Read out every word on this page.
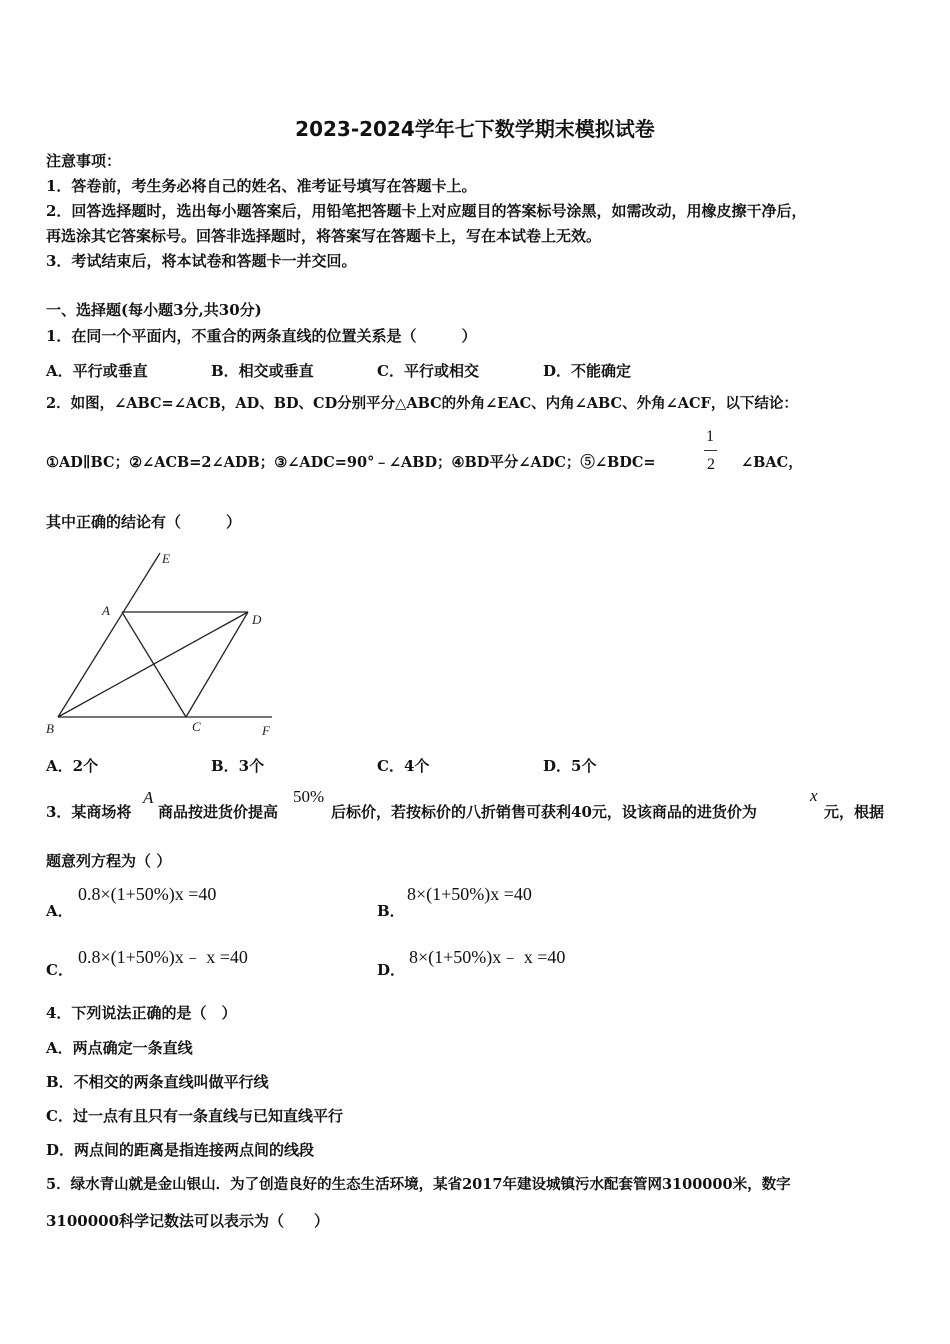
2023-2024学年七下数学期末模拟试卷
注意事项：
1．答卷前，考生务必将自己的姓名、准考证号填写在答题卡上。
2．回答选择题时，选出每小题答案后，用铅笔把答题卡上对应题目的答案标号涂黑，如需改动，用橡皮擦干净后，
再选涂其它答案标号。回答非选择题时，将答案写在答题卡上，写在本试卷上无效。
3．考试结束后，将本试卷和答题卡一并交回。
一、选择题(每小题3分,共30分)
1．在同一个平面内，不重合的两条直线的位置关系是（　　　）
A．平行或垂直	B．相交或垂直	C．平行或相交	D．不能确定
2．如图，∠ABC=∠ACB，AD、BD、CD分别平分△ABC的外角∠EAC、内角∠ABC、外角∠ACF，以下结论：
①AD∥BC；②∠ACB=2∠ADB；③∠ADC=90°﹣∠ABD；④BD平分∠ADC；⑤∠BDC=
1
2 ∠BAC，
其中正确的结论有（　　　）
E
A
D
B	C	F
A．2个	B．3个	C．4个	D．5个
3．某商场将
A
商品按进货价提高
50%
后标价，若按标价的八折销售可获利40元，设该商品的进货价为
x
元，根据
题意列方程为（ ）
A．
0.8×(1+50%)x =40
B．
8×(1+50%)x =40
C．
0.8×(1+50%)x﹣ x =40
D．
8×(1+50%)x﹣ x =40
4．下列说法正确的是（　）
A．两点确定一条直线
B．不相交的两条直线叫做平行线
C．过一点有且只有一条直线与已知直线平行
D．两点间的距离是指连接两点间的线段
5．绿水青山就是金山银山．为了创造良好的生态生活环境，某省2017年建设城镇污水配套管网3100000米，数字
3100000科学记数法可以表示为（　　）
